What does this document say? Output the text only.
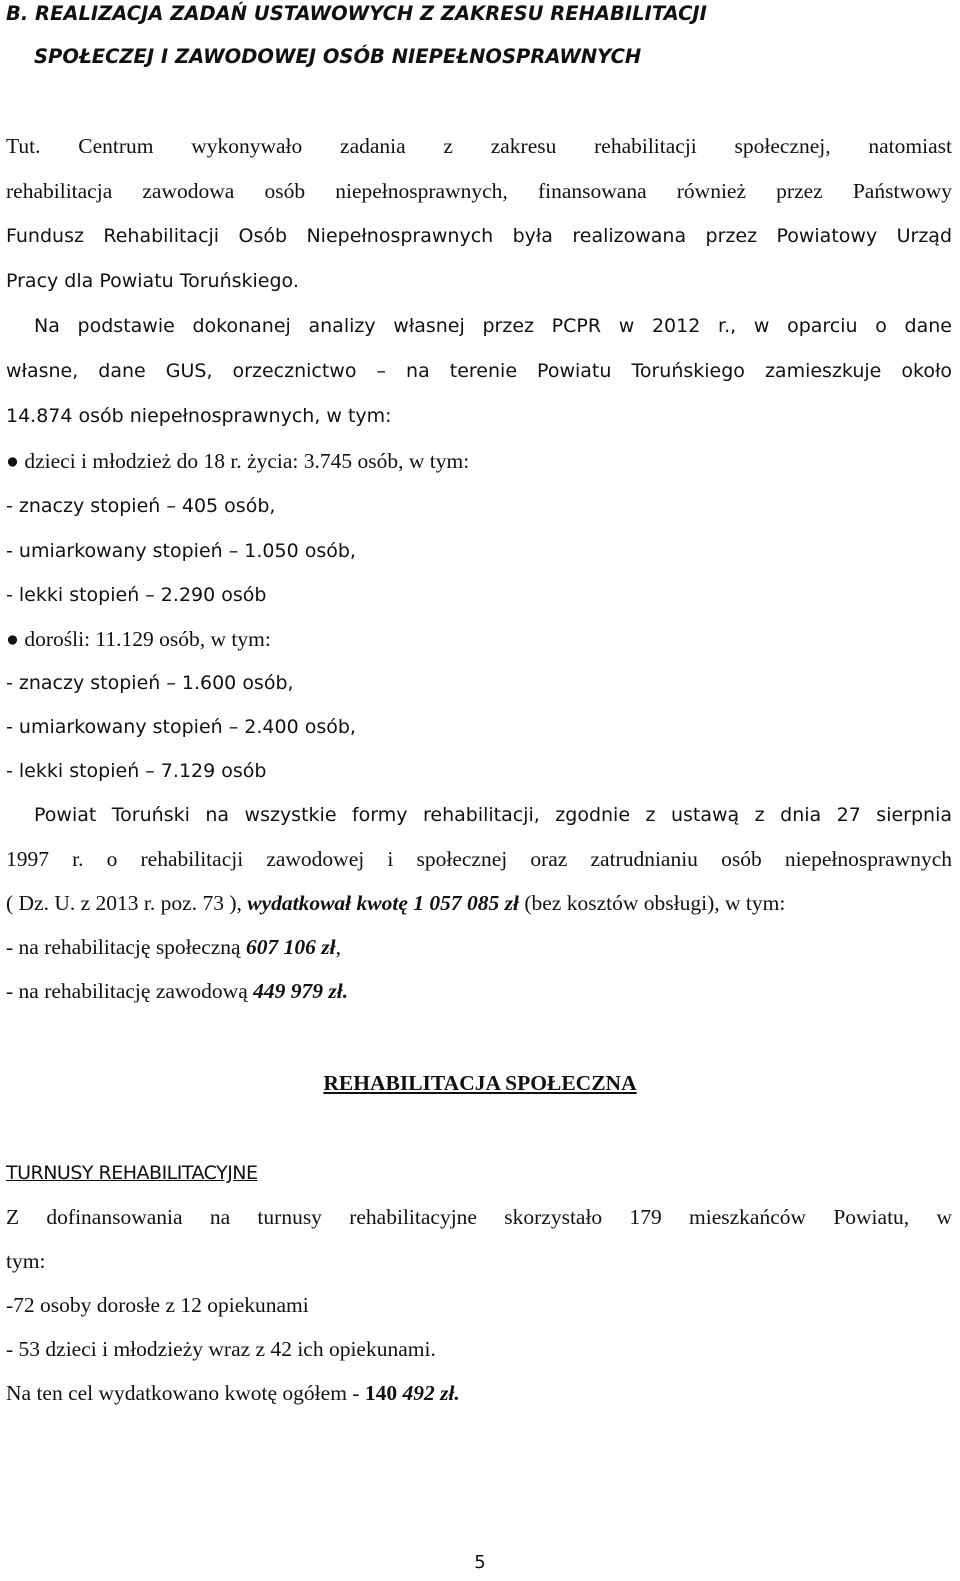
B. REALIZACJA ZADAŃ USTAWOWYCH Z ZAKRESU REHABILITACJI

SPOŁECZEJ I ZAWODOWEJ OSÓB NIEPEŁNOSPRAWNYCH

Tut. Centrum wykonywało zadania z zakresu rehabilitacji społecznej, natomiast

rehabilitacja zawodowa osób niepełnosprawnych, finansowana również przez Państwowy

Fundusz Rehabilitacji Osób Niepełnosprawnych była realizowana przez Powiatowy Urząd

Pracy dla Powiatu Toruńskiego.

Na podstawie dokonanej analizy własnej przez PCPR w 2012 r., w oparciu o dane

własne, dane GUS, orzecznictwo – na terenie Powiatu Toruńskiego zamieszkuje około

14.874 osób niepełnosprawnych, w tym:

● dzieci i młodzież do 18 r. życia: 3.745 osób, w tym:

- znaczy stopień – 405 osób,

- umiarkowany stopień – 1.050 osób,

- lekki stopień – 2.290 osób

● dorośli: 11.129 osób, w tym:

- znaczy stopień – 1.600 osób,

- umiarkowany stopień – 2.400 osób,

- lekki stopień – 7.129 osób

Powiat Toruński na wszystkie formy rehabilitacji, zgodnie z ustawą z dnia 27 sierpnia

1997 r. o rehabilitacji zawodowej i społecznej oraz zatrudnianiu osób niepełnosprawnych

( Dz. U. z 2013 r. poz. 73 ), wydatkował kwotę 1 057 085 zł (bez kosztów obsługi), w tym:

- na rehabilitację społeczną 607 106 zł,

- na rehabilitację zawodową 449 979 zł.

REHABILITACJA SPOŁECZNA

TURNUSY REHABILITACYJNE

Z dofinansowania na turnusy rehabilitacyjne skorzystało 179 mieszkańców Powiatu, w

tym:

-72 osoby dorosłe z 12 opiekunami

- 53 dzieci i młodzieży wraz z 42 ich opiekunami.

Na ten cel wydatkowano kwotę ogółem - 140 492 zł.

5
